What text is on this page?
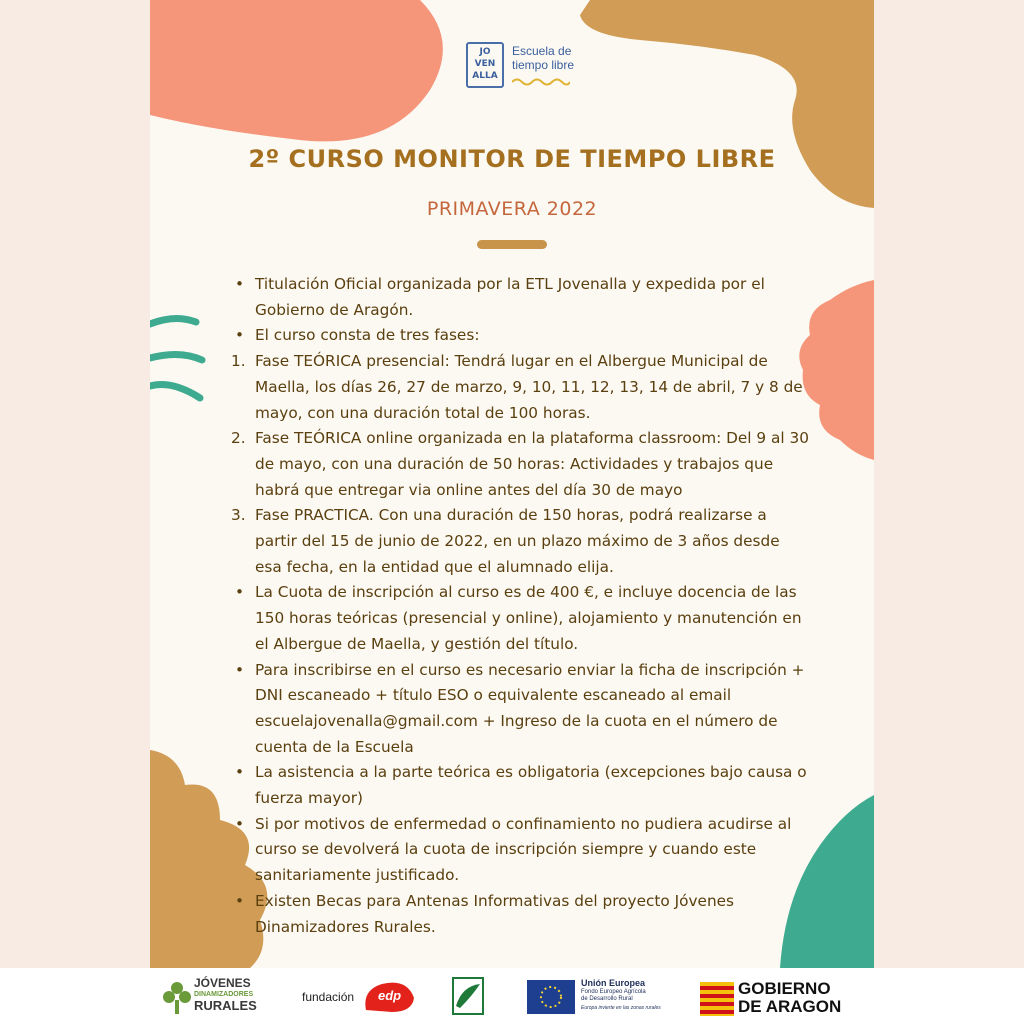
JO
VEN
ALLA
Escuela de
tiempo libre
2º CURSO MONITOR DE TIEMPO LIBRE
PRIMAVERA 2022
• Titulación Oficial organizada por la ETL Jovenalla y expedida por el Gobierno de Aragón.
• El curso consta de tres fases:
1. Fase TEÓRICA presencial: Tendrá lugar en el Albergue Municipal de Maella, los días 26, 27 de marzo, 9, 10, 11, 12, 13, 14 de abril, 7 y 8 de mayo, con una duración total de 100 horas.
2. Fase TEÓRICA online organizada en la plataforma classroom: Del 9 al 30 de mayo, con una duración de 50 horas: Actividades y trabajos que habrá que entregar via online antes del día 30 de mayo
3. Fase PRACTICA. Con una duración de 150 horas, podrá realizarse a partir del 15 de junio de 2022, en un plazo máximo de 3 años desde esa fecha, en la entidad que el alumnado elija.
• La Cuota de inscripción al curso es de 400 €, e incluye docencia de las 150 horas teóricas (presencial y online), alojamiento y manutención en el Albergue de Maella, y gestión del título.
• Para inscribirse en el curso es necesario enviar la ficha de inscripción + DNI escaneado + título ESO o equivalente escaneado al email escuelajovenalla@gmail.com + Ingreso de la cuota en el número de cuenta de la Escuela
• La asistencia a la parte teórica es obligatoria (excepciones bajo causa o fuerza mayor)
• Si por motivos de enfermedad o confinamiento no pudiera acudirse al curso se devolverá la cuota de inscripción siempre y cuando este sanitariamente justificado.
• Existen Becas para Antenas Informativas del proyecto Jóvenes Dinamizadores Rurales.
JÓVENES
DINAMIZADORES
RURALES
fundación edp
Unión Europea
Fondo Europeo Agrícola
de Desarrollo Rural
Europa invierte en las zonas rurales
GOBIERNO
DE ARAGON
